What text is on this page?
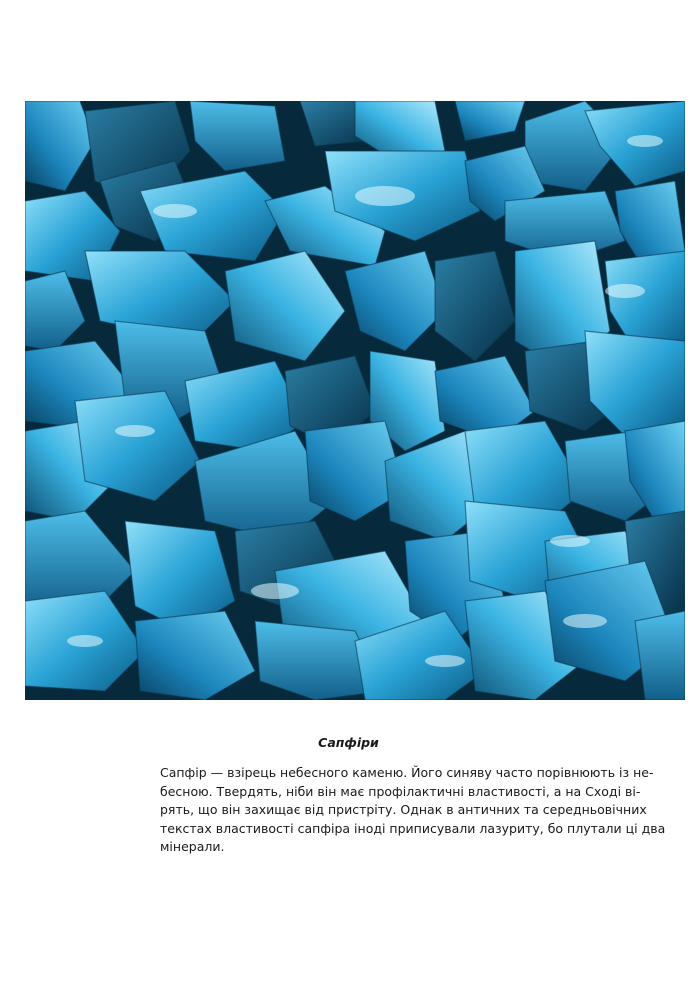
Сапфіри
Сапфір — взірець небесного каменю. Його синяву часто порівнюють із не-
бесною. Твердять, ніби він має профілактичні властивості, а на Сході ві-
рять, що він захищає від пристріту. Однак в античних та середньовічних
текстах властивості сапфіра іноді приписували лазуриту, бо плутали ці два
мінерали.
